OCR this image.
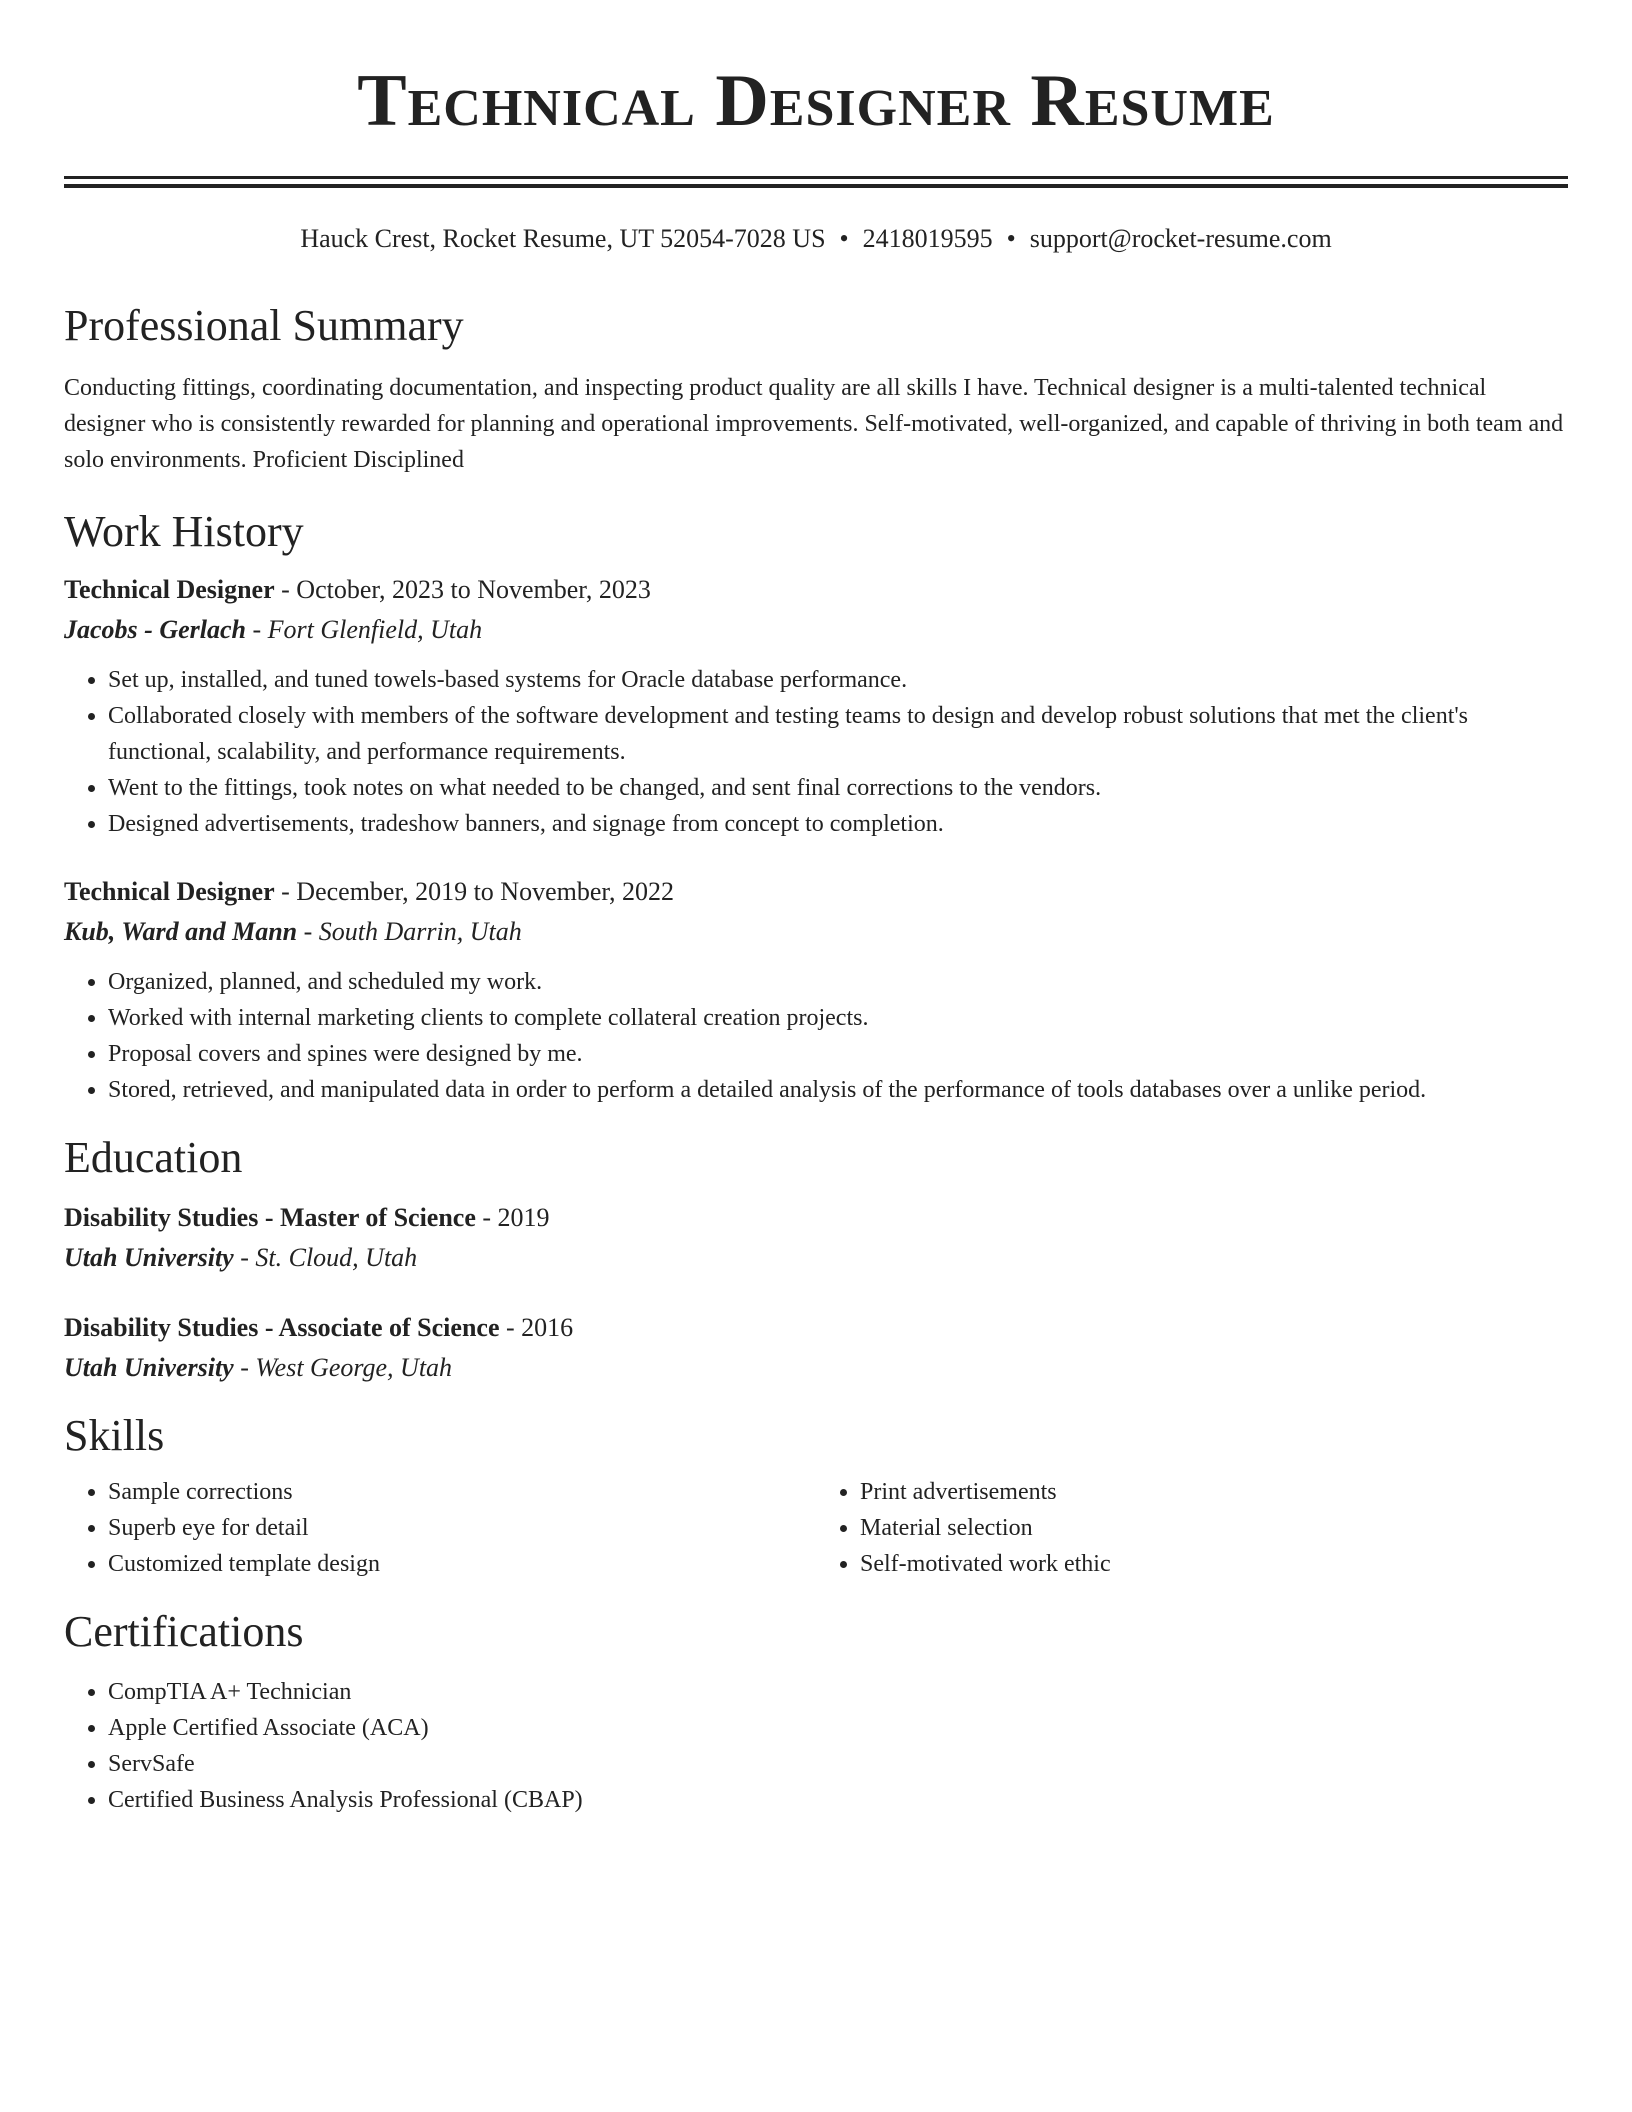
Technical Designer Resume
Hauck Crest, Rocket Resume, UT 52054-7028 US • 2418019595 • support@rocket-resume.com
Professional Summary
Conducting fittings, coordinating documentation, and inspecting product quality are all skills I have. Technical designer is a multi-talented technical designer who is consistently rewarded for planning and operational improvements. Self-motivated, well-organized, and capable of thriving in both team and solo environments. Proficient Disciplined
Work History
Technical Designer - October, 2023 to November, 2023
Jacobs - Gerlach - Fort Glenfield, Utah
• Set up, installed, and tuned towels-based systems for Oracle database performance.
• Collaborated closely with members of the software development and testing teams to design and develop robust solutions that met the client's functional, scalability, and performance requirements.
• Went to the fittings, took notes on what needed to be changed, and sent final corrections to the vendors.
• Designed advertisements, tradeshow banners, and signage from concept to completion.
Technical Designer - December, 2019 to November, 2022
Kub, Ward and Mann - South Darrin, Utah
• Organized, planned, and scheduled my work.
• Worked with internal marketing clients to complete collateral creation projects.
• Proposal covers and spines were designed by me.
• Stored, retrieved, and manipulated data in order to perform a detailed analysis of the performance of tools databases over a unlike period.
Education
Disability Studies - Master of Science - 2019
Utah University - St. Cloud, Utah
Disability Studies - Associate of Science - 2016
Utah University - West George, Utah
Skills
• Sample corrections
• Superb eye for detail
• Customized template design
• Print advertisements
• Material selection
• Self-motivated work ethic
Certifications
• CompTIA A+ Technician
• Apple Certified Associate (ACA)
• ServSafe
• Certified Business Analysis Professional (CBAP)
